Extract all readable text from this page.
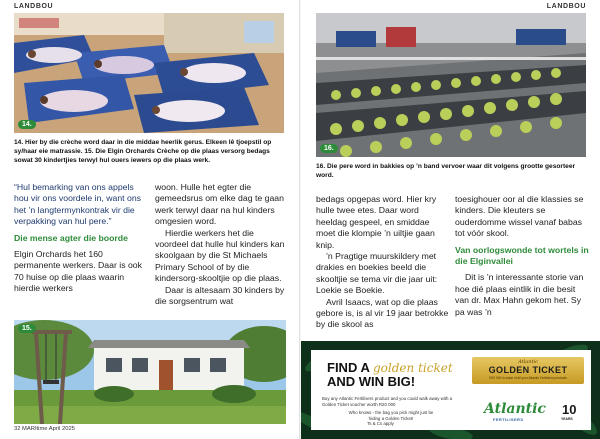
LANDBOU	LANDBOU
14.
14. Hier by die crèche word daar in die middae heerlik gerus. Elkeen lê tjoepstil op sy/haar eie matrassie. 15. Die Elgin Orchards Crèche op die plaas versorg bedags sowat 30 kindertjies terwyl hul ouers iewers op die plaas werk.
16.
16. Die pere word in bakkies op ’n band vervoer waar dit volgens grootte gesorteer word.

“Hul bemarking van ons appels hou vir ons voordele in, want ons het ’n langtermynkontrak vir die verpakking van hul pere.”

Die mense agter die boorde

Elgin Orchards het 160 permanente werkers. Daar is ook 70 huise op die plaas waarin hierdie werkers

woon. Hulle het egter die gemeedsrus om elke dag te gaan werk terwyl daar na hul kinders omgesien word.

Hierdie werkers het die voordeel dat hulle hul kinders kan skoolgaan by die St Michaels Primary School of by die kindersorg-skooltjie op die plaas.

Daar is altesaam 30 kinders by die sorgsentrum wat

15.
32 MARItime April 2025

bedags opgepas word. Hier kry hulle twee etes. Daar word heeldag gespeel, en smiddae moet die klompie ’n uiltjie gaan knip.

’n Pragtige muurskildery met drakies en boekies beeld die skooltjie se tema vir die jaar uit: Loekie se Boekie.

Avril Isaacs, wat op die plaas gebore is, is al vir 19 jaar betrokke by die skool as

toesighouer oor al die klassies se kinders. Die kleuters se ouderdomme wissel vanaf babas tot vóór skool.

Van oorlogswonde tot wortels in die Elginvallei

Dit is ’n interessante storie van hoe dié plaas eintlik in die besit van dr. Max Hahn gekom het. Sy pa was ’n

FIND A golden ticket
AND WIN BIG!
Buy any Atlantic Fertilisers product and you could walk away with a Golden Ticket voucher worth R20 000
Who knows - the bag you pick might just be hiding a Golden Ticket!
Ts & Cs apply
Atlantic
GOLDEN TICKET
R20 000 in value of all your Atlantic Fertilisers products
Atlantic
FERTILISERS
10
YEARS
